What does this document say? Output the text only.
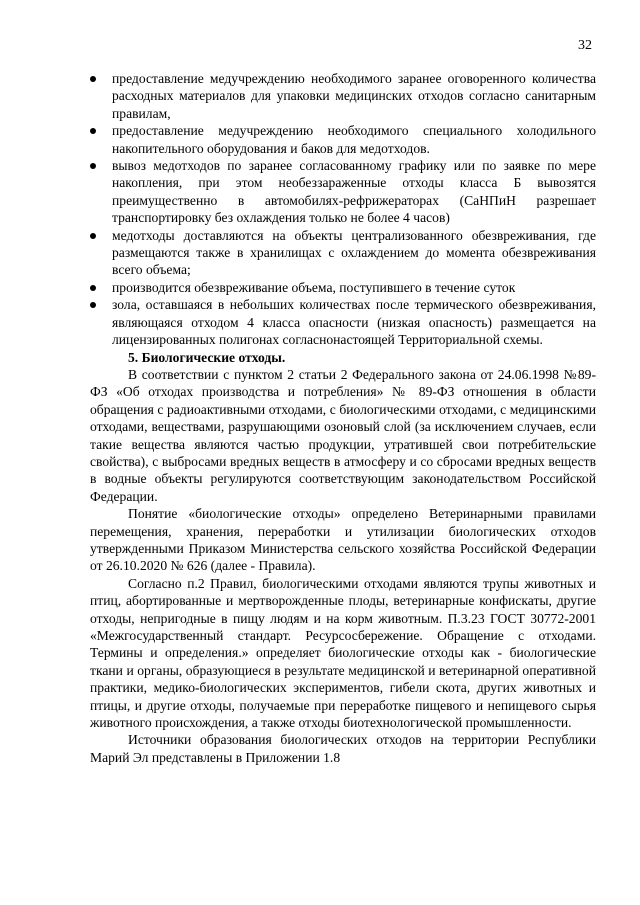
32
предоставление медучреждению необходимого заранее оговоренного количества расходных материалов для упаковки медицинских отходов согласно санитарным правилам,
предоставление медучреждению необходимого специального холодильного накопительного оборудования и баков для медотходов.
вывоз медотходов по заранее согласованному графику или по заявке по мере накопления, при этом необеззараженные отходы класса Б вывозятся преимущественно в автомобилях-рефрижераторах (СаНПиН разрешает транспортировку без охлаждения только не более 4 часов)
медотходы доставляются на объекты централизованного обезвреживания, где размещаются также в хранилищах с охлаждением до момента обезвреживания всего объема;
производится обезвреживание объема, поступившего в течение суток
зола, оставшаяся в небольших количествах после термического обезвреживания, являющаяся отходом 4 класса опасности (низкая опасность) размещается на лицензированных полигонах согласнонастоящей Территориальной схемы.

5. Биологические отходы.

В соответствии с пунктом 2 статьи 2 Федерального закона от 24.06.1998 №89-ФЗ «Об отходах производства и потребления» № 89-ФЗ отношения в области обращения с радиоактивными отходами, с биологическими отходами, с медицинскими отходами, веществами, разрушающими озоновый слой (за исключением случаев, если такие вещества являются частью продукции, утратившей свои потребительские свойства), с выбросами вредных веществ в атмосферу и со сбросами вредных веществ в водные объекты регулируются соответствующим законодательством Российской Федерации.

Понятие «биологические отходы» определено Ветеринарными правилами перемещения, хранения, переработки и утилизации биологических отходов утвержденными Приказом Министерства сельского хозяйства Российской Федерации от 26.10.2020 № 626 (далее - Правила).

Согласно п.2 Правил, биологическими отходами являются трупы животных и птиц, абортированные и мертворожденные плоды, ветеринарные конфискаты, другие отходы, непригодные в пищу людям и на корм животным. П.3.23 ГОСТ 30772-2001 «Межгосударственный стандарт. Ресурсосбережение. Обращение с отходами. Термины и определения.» определяет биологические отходы как - биологические ткани и органы, образующиеся в результате медицинской и ветеринарной оперативной практики, медико-биологических экспериментов, гибели скота, других животных и птицы, и другие отходы, получаемые при переработке пищевого и непищевого сырья животного происхождения, а также отходы биотехнологической промышленности.

Источники образования биологических отходов на территории Республики Марий Эл представлены в Приложении 1.8
